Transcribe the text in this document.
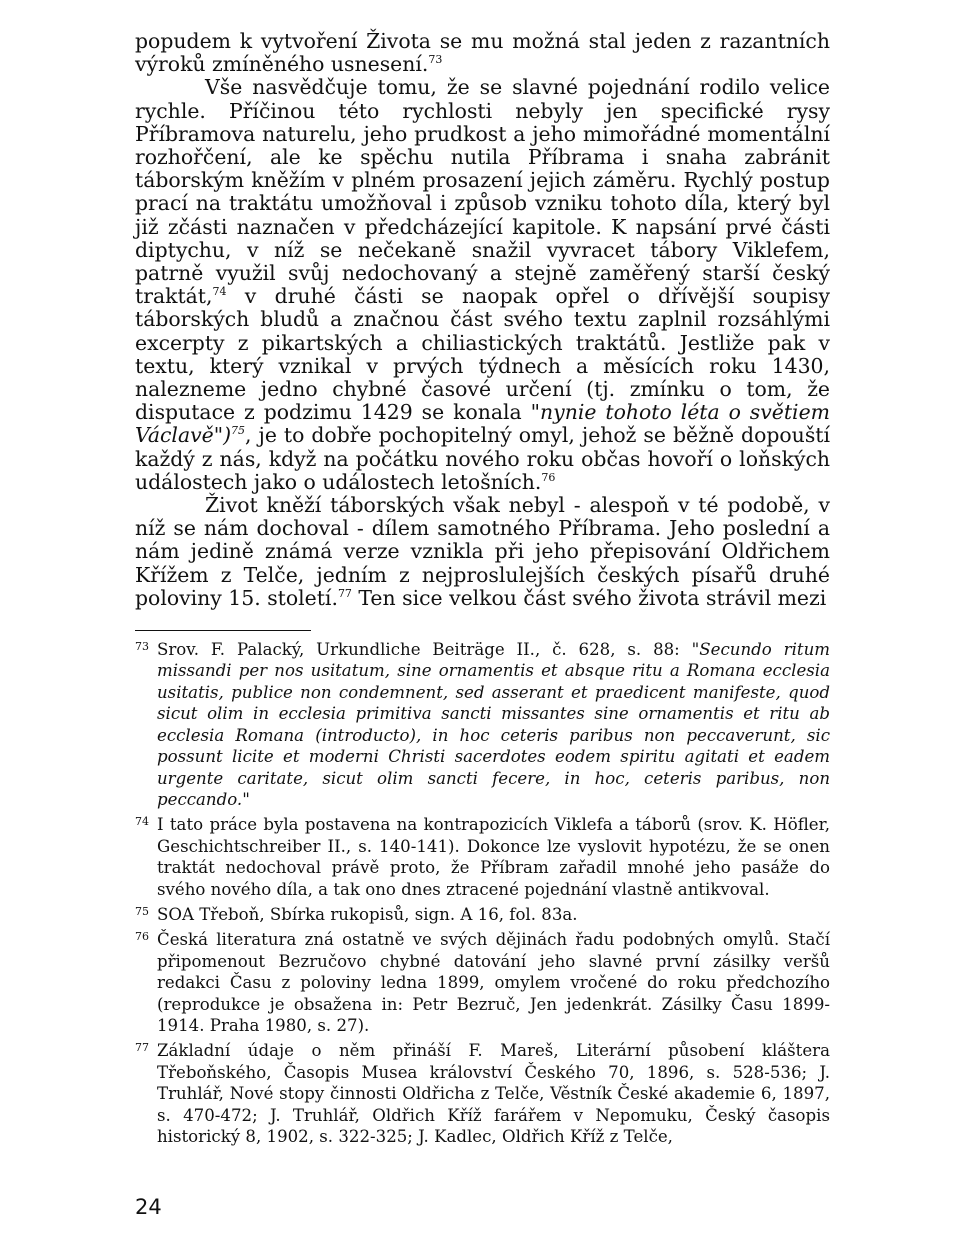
popudem k vytvoření Života se mu možná stal jeden z razantních výroků zmíněného usnesení.$^{73}$

Vše nasvědčuje tomu, že se slavné pojednání rodilo velice rychle. Příčinou této rychlosti nebyly jen specifické rysy Příbramova naturelu, jeho prudkost a jeho mimořádné momentální rozhořčení, ale ke spěchu nutila Příbrama i snaha zabránit táborským kněžím v plném prosazení jejich záměru. Rychlý postup prací na traktátu umožňoval i způsob vzniku tohoto díla, který byl již zčásti naznačen v předcházející kapitole. K napsání prvé části diptychu, v níž se nečekaně snažil vyvracet tábory Viklefem, patrně využil svůj nedochovaný a stejně zaměřený starší český traktát,$^{74}$ v druhé části se naopak opřel o dřívější soupisy táborských bludů a značnou část svého textu zaplnil rozsáhlými excerpty z pikartských a chiliastických traktátů. Jestliže pak v textu, který vznikal v prvých týdnech a měsících roku 1430, nalezneme jedno chybné časové určení (tj. zmínku o tom, že disputace z podzimu 1429 se konala "nynie tohoto léta o světiem Václavě")$^{75}$, je to dobře pochopitelný omyl, jehož se běžně dopouští každý z nás, když na počátku nového roku občas hovoří o loňských událostech jako o událostech letošních.$^{76}$

Život kněží táborských však nebyl - alespoň v té podobě, v níž se nám dochoval - dílem samotného Příbrama. Jeho poslední a nám jedině známá verze vznikla při jeho přepisování Oldřichem Křížem z Telče, jedním z nejproslulejších českých písařů druhé poloviny 15. století.$^{77}$ Ten sice velkou část svého života strávil mezi

73 Srov. F. Palacký, Urkundliche Beiträge II., č. 628, s. 88: "Secundo ritum missandi per nos usitatum, sine ornamentis et absque ritu a Romana ecclesia usitatis, publice non condemnent, sed asserant et praedicent manifeste, quod sicut olim in ecclesia primitiva sancti missantes sine ornamentis et ritu ab ecclesia Romana (introducto), in hoc ceteris paribus non peccaverunt, sic possunt licite et moderni Christi sacerdotes eodem spiritu agitati et eadem urgente caritate, sicut olim sancti fecere, in hoc, ceteris paribus, non peccando."
74 I tato práce byla postavena na kontrapozicích Viklefa a táborů (srov. K. Höfler, Geschichtschreiber II., s. 140-141). Dokonce lze vyslovit hypotézu, že se onen traktát nedochoval právě proto, že Příbram zařadil mnohé jeho pasáže do svého nového díla, a tak ono dnes ztracené pojednání vlastně antikvoval.
75 SOA Třeboň, Sbírka rukopisů, sign. A 16, fol. 83a.
76 Česká literatura zná ostatně ve svých dějinách řadu podobných omylů. Stačí připomenout Bezručovo chybné datování jeho slavné první zásilky veršů redakci Času z poloviny ledna 1899, omylem vročené do roku předchozího (reprodukce je obsažena in: Petr Bezruč, Jen jedenkrát. Zásilky Času 1899-1914. Praha 1980, s. 27).
77 Základní údaje o něm přináší F. Mareš, Literární působení kláštera Třeboňského, Časopis Musea království Českého 70, 1896, s. 528-536; J. Truhlář, Nové stopy činnosti Oldřicha z Telče, Věstník České akademie 6, 1897, s. 470-472; J. Truhlář, Oldřich Kříž farářem v Nepomuku, Český časopis historický 8, 1902, s. 322-325; J. Kadlec, Oldřich Kříž z Telče,
24
